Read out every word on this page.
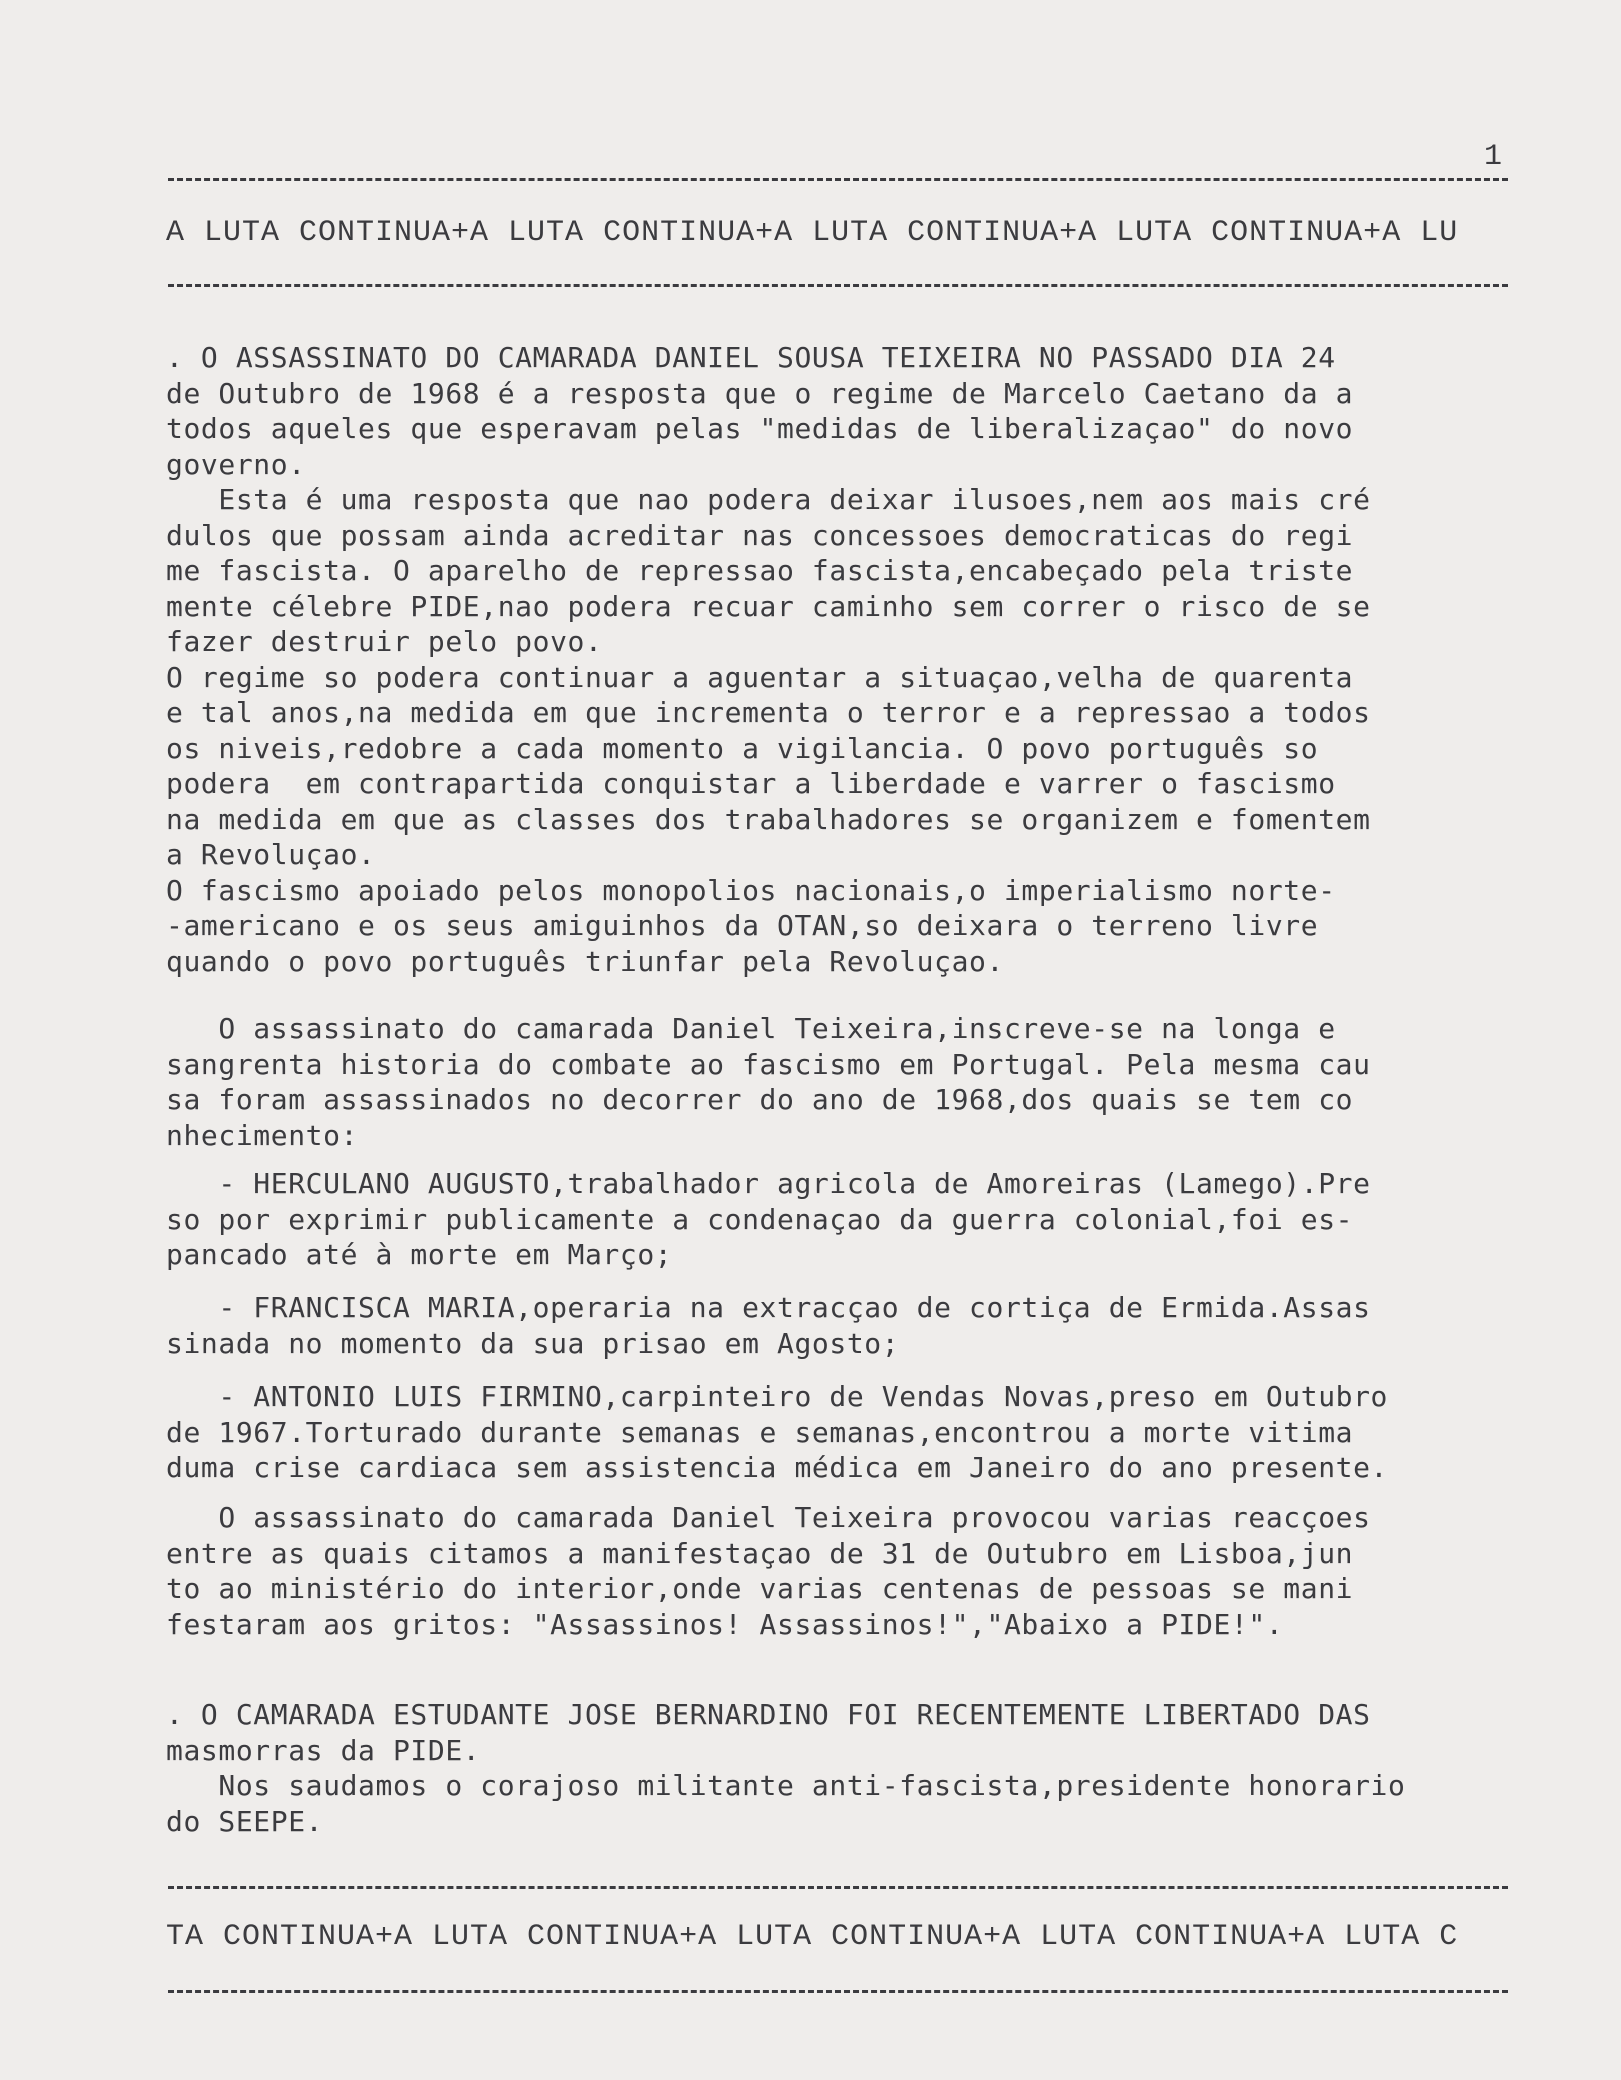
1
A LUTA CONTINUA+A LUTA CONTINUA+A LUTA CONTINUA+A LUTA CONTINUA+A LU
. O ASSASSINATO DO CAMARADA DANIEL SOUSA TEIXEIRA NO PASSADO DIA 24
de Outubro de 1968 é a resposta que o regime de Marcelo Caetano da a
todos aqueles que esperavam pelas "medidas de liberalizaçao" do novo
governo.
Esta é uma resposta que nao podera deixar ilusoes,nem aos mais cré
dulos que possam ainda acreditar nas concessoes democraticas do regi
me fascista. O aparelho de repressao fascista,encabeçado pela triste
mente célebre PIDE,nao podera recuar caminho sem correr o risco de se
fazer destruir pelo povo.
O regime so podera continuar a aguentar a situaçao,velha de quarenta
e tal anos,na medida em que incrementa o terror e a repressao a todos
os niveis,redobre a cada momento a vigilancia. O povo português so
podera  em contrapartida conquistar a liberdade e varrer o fascismo
na medida em que as classes dos trabalhadores se organizem e fomentem
a Revoluçao.
O fascismo apoiado pelos monopolios nacionais,o imperialismo norte-
-americano e os seus amiguinhos da OTAN,so deixara o terreno livre
quando o povo português triunfar pela Revoluçao.
O assassinato do camarada Daniel Teixeira,inscreve-se na longa e
sangrenta historia do combate ao fascismo em Portugal. Pela mesma cau
sa foram assassinados no decorrer do ano de 1968,dos quais se tem co
nhecimento:
- HERCULANO AUGUSTO,trabalhador agricola de Amoreiras (Lamego).Pre
so por exprimir publicamente a condenaçao da guerra colonial,foi es-
pancado até à morte em Março;
- FRANCISCA MARIA,operaria na extracçao de cortiça de Ermida.Assas
sinada no momento da sua prisao em Agosto;
- ANTONIO LUIS FIRMINO,carpinteiro de Vendas Novas,preso em Outubro
de 1967.Torturado durante semanas e semanas,encontrou a morte vitima
duma crise cardiaca sem assistencia médica em Janeiro do ano presente.
O assassinato do camarada Daniel Teixeira provocou varias reacçoes
entre as quais citamos a manifestaçao de 31 de Outubro em Lisboa,jun
to ao ministério do interior,onde varias centenas de pessoas se mani
festaram aos gritos: "Assassinos! Assassinos!","Abaixo a PIDE!".
. O CAMARADA ESTUDANTE JOSE BERNARDINO FOI RECENTEMENTE LIBERTADO DAS
masmorras da PIDE.
Nos saudamos o corajoso militante anti-fascista,presidente honorario
do SEEPE.
TA CONTINUA+A LUTA CONTINUA+A LUTA CONTINUA+A LUTA CONTINUA+A LUTA C
